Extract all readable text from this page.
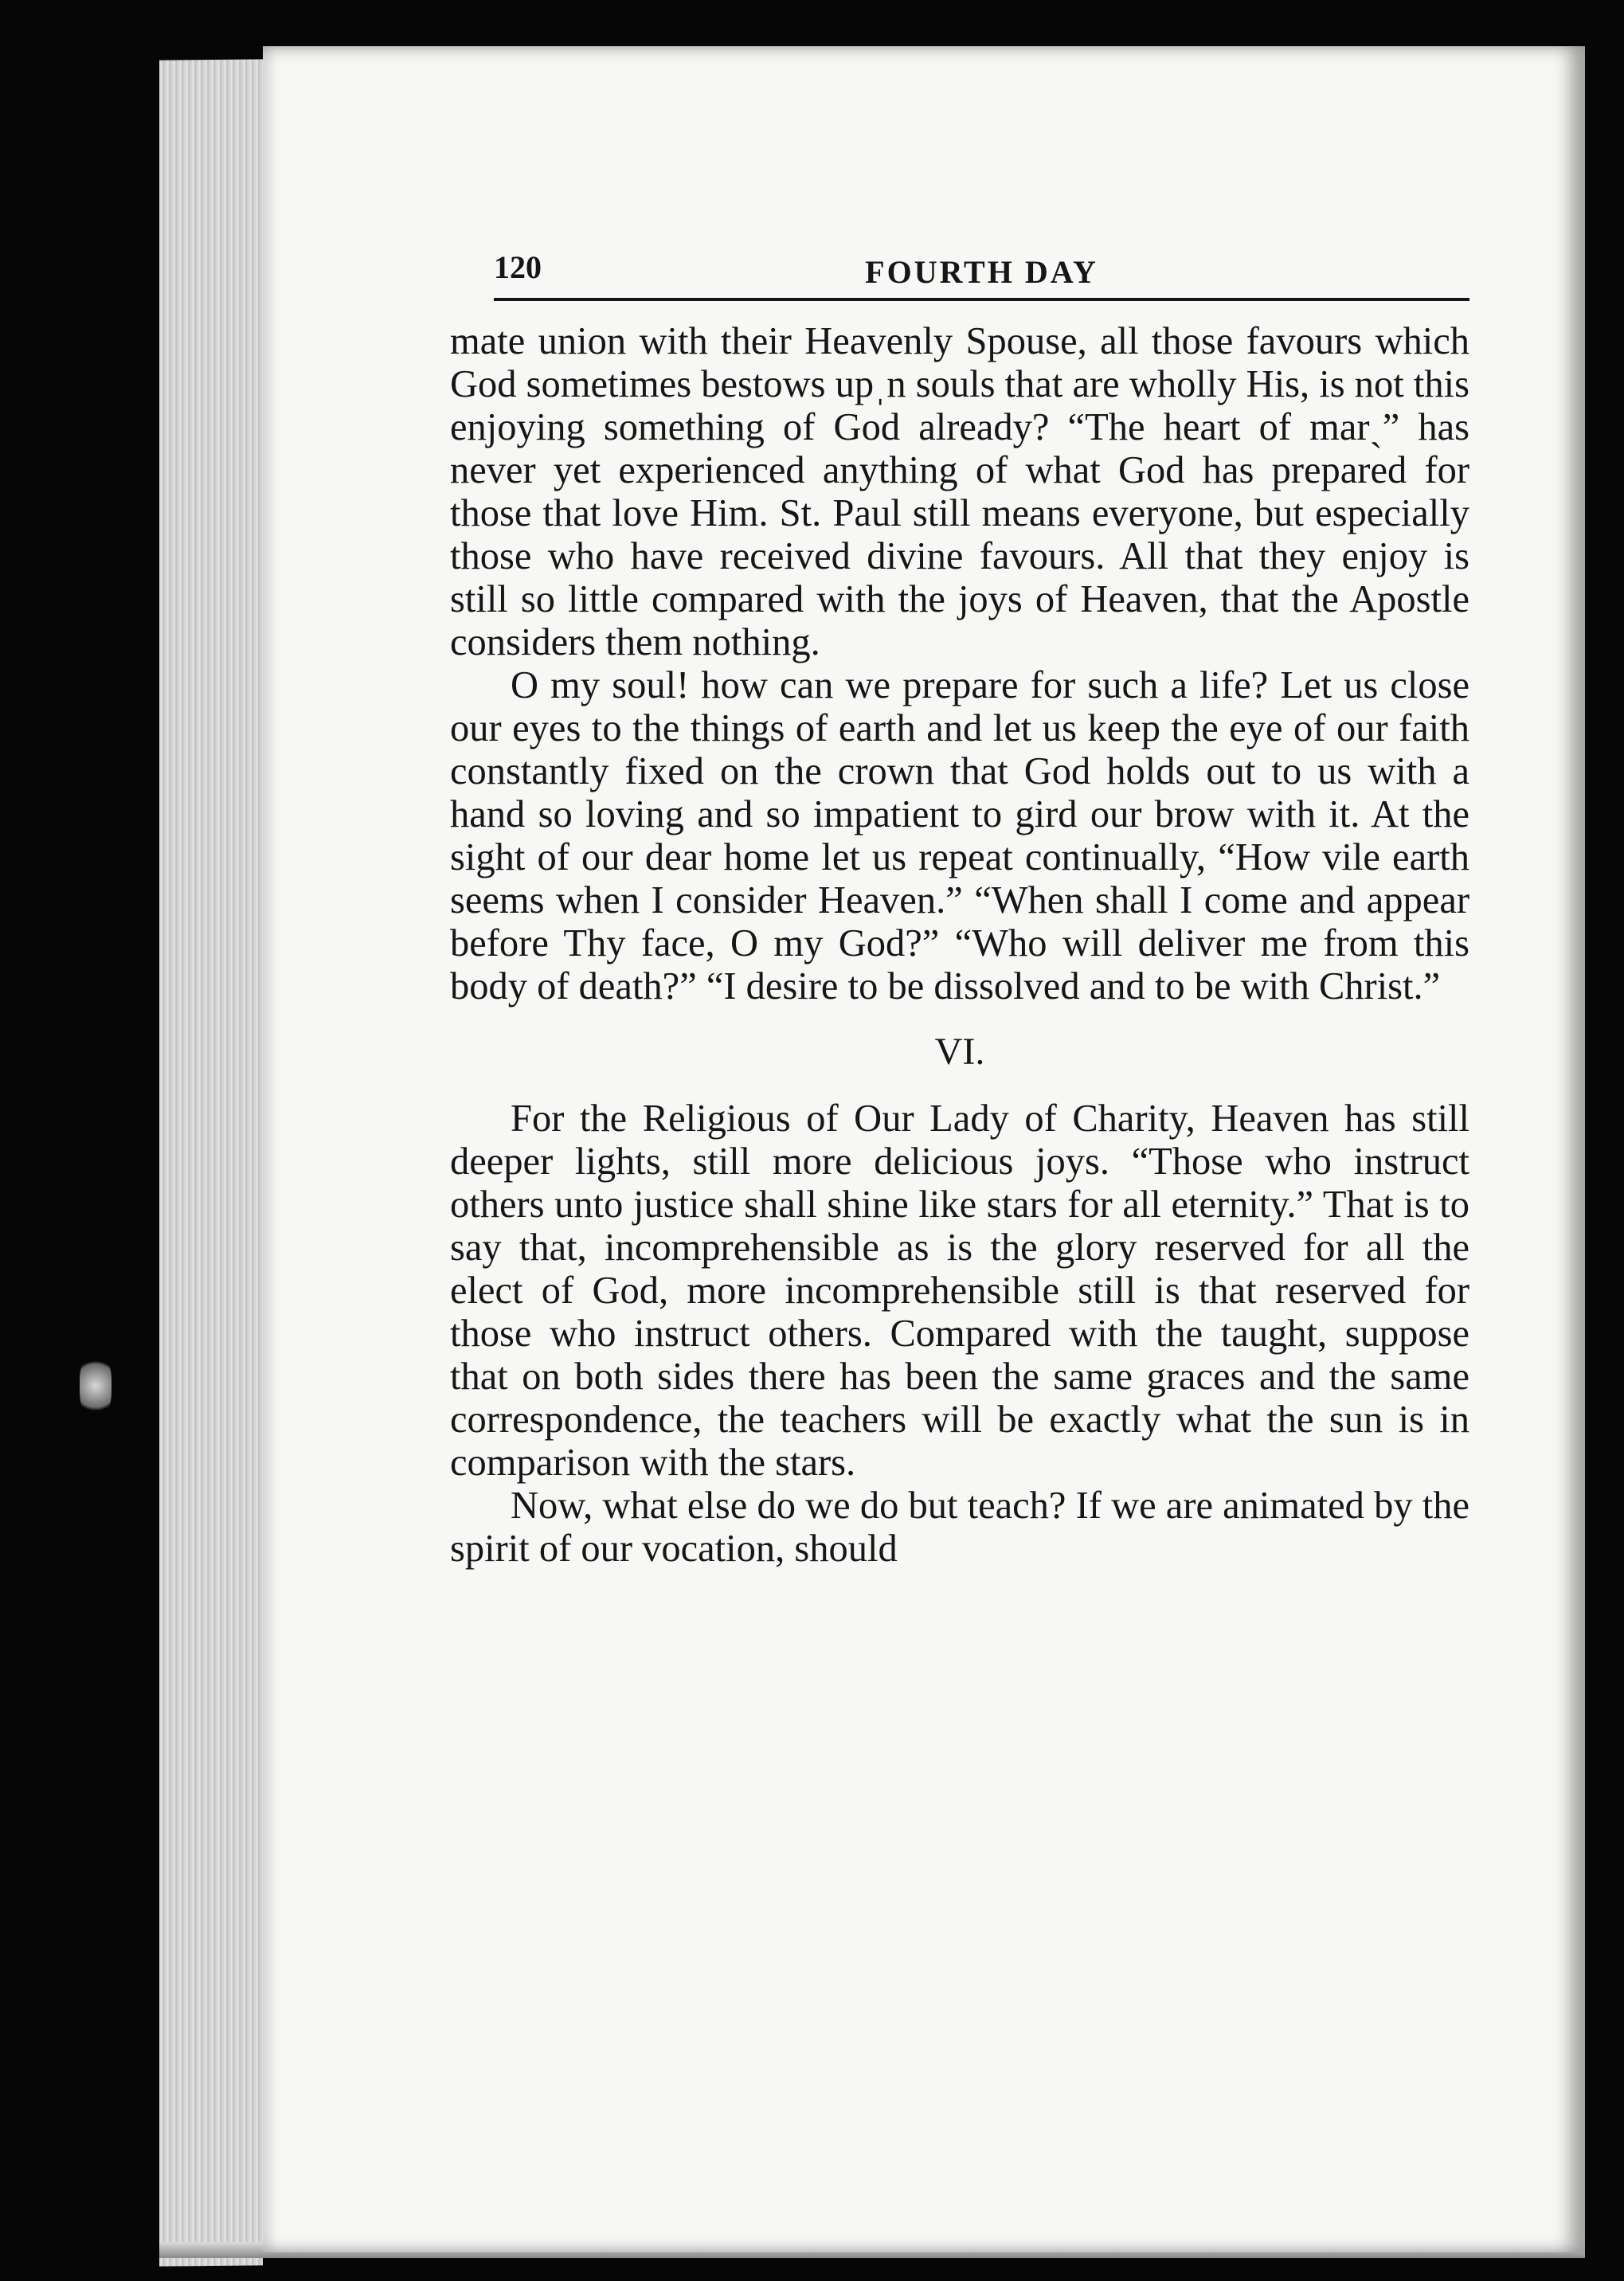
120	FOURTH DAY

mate union with their Heavenly Spouse, all those favours which God sometimes bestows upˌn souls that are wholly His, is not this enjoying something of God already? “The heart of marˎ” has never yet experienced anything of what God has prepared for those that love Him. St. Paul still means everyone, but especially those who have received divine favours. All that they enjoy is still so little compared with the joys of Heaven, that the Apostle considers them nothing.

O my soul! how can we prepare for such a life? Let us close our eyes to the things of earth and let us keep the eye of our faith constantly fixed on the crown that God holds out to us with a hand so loving and so impatient to gird our brow with it. At the sight of our dear home let us repeat continually, “How vile earth seems when I consider Heaven.” “When shall I come and appear before Thy face, O my God?” “Who will deliver me from this body of death?” “I desire to be dissolved and to be with Christ.”

VI.

For the Religious of Our Lady of Charity, Heaven has still deeper lights, still more delicious joys. “Those who instruct others unto justice shall shine like stars for all eternity.” That is to say that, incomprehensible as is the glory reserved for all the elect of God, more incomprehensible still is that reserved for those who instruct others. Compared with the taught, suppose that on both sides there has been the same graces and the same correspondence, the teachers will be exactly what the sun is in comparison with the stars.

Now, what else do we do but teach? If we are animated by the spirit of our vocation, should
